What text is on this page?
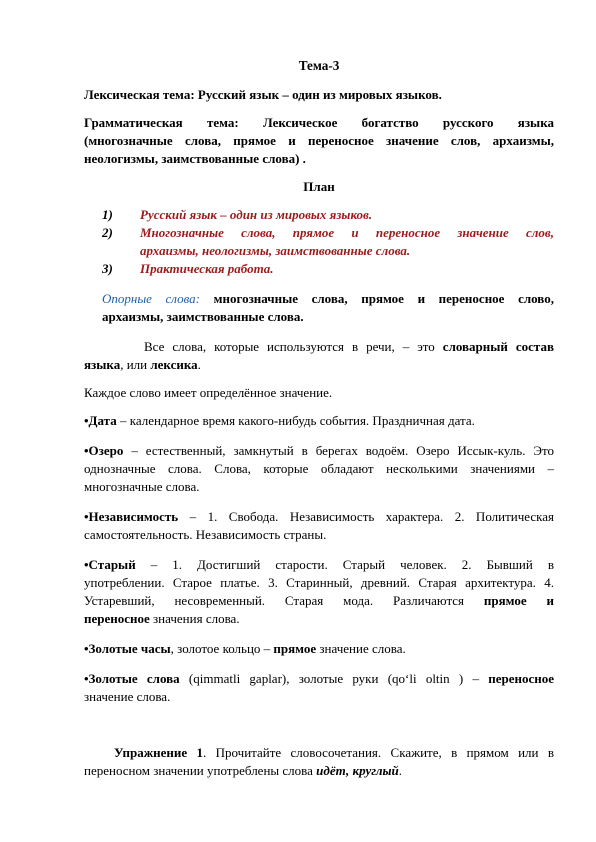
Тема-3
Лексическая тема: Русский язык – один из мировых языков.
Грамматическая тема: Лексическое богатство русского языка
(многозначные слова, прямое и переносное значение слов, архаизмы,
неологизмы, заимствованные слова) .
План
1)	Русский язык – один из мировых языков.
2)	Многозначные слова, прямое и переносное значение слов,
архаизмы, неологизмы, заимствованные слова.
3)	Практическая работа.
Опорные слова: многозначные слова, прямое и переносное слово,
архаизмы, заимствованные слова.
Все слова, которые используются в речи, – это словарный состав
языка, или лексика.
Каждое слово имеет определённое значение.
•Дата – календарное время какого-нибудь события. Праздничная дата.
•Озеро – естественный, замкнутый в берегах водоём. Озеро Иссык-куль. Это
однозначные слова. Слова, которые обладают несколькими значениями –
многозначные слова.
•Независимость – 1. Свобода. Независимость характера. 2. Политическая
самостоятельность. Независимость страны.
•Старый – 1. Достигший старости. Старый человек. 2. Бывший в
употреблении. Старое платье. 3. Старинный, древний. Старая архитектура. 4.
Устаревший, несовременный. Старая мода. Различаются прямое и
переносное значения слова.
•Золотые часы, золотое кольцо – прямое значение слова.
•Золотые слова (qimmatli gaplar), золотые руки (qo‘li oltin ) – переносное
значение слова.
Упражнение 1. Прочитайте словосочетания. Скажите, в прямом или в
переносном значении употреблены слова идёт, круглый.
